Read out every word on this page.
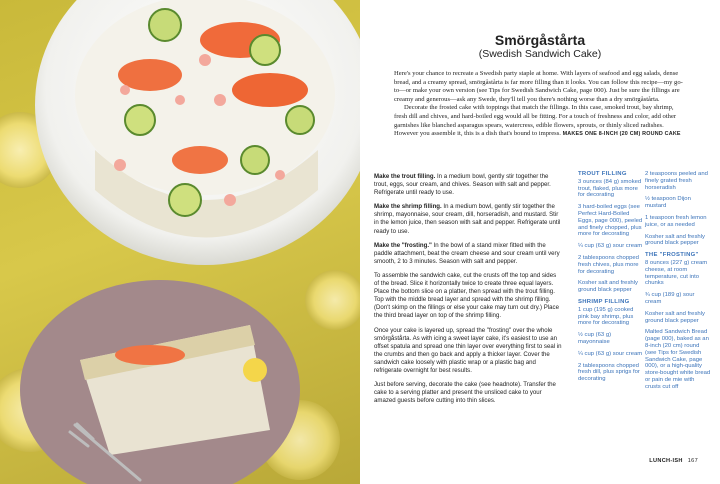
Smörgåstårta
(Swedish Sandwich Cake)

Here's your chance to recreate a Swedish party staple at home. With layers of seafood and egg salads, dense bread, and a creamy spread, smörgåstårta is far more filling than it looks. You can follow this recipe—my go-to—or make your own version (see Tips for Swedish Sandwich Cake, page 000). Just be sure the fillings are creamy and generous—ask any Swede, they'll tell you there's nothing worse than a dry smörgåstårta.

Decorate the frosted cake with toppings that match the fillings. In this case, smoked trout, bay shrimp, fresh dill and chives, and hard-boiled egg would all be fitting. For a touch of freshness and color, add other garnishes like blanched asparagus spears, watercress, edible flowers, sprouts, or thinly sliced radishes. However you assemble it, this is a dish that's bound to impress. MAKES ONE 8-INCH (20 CM) ROUND CAKE

Make the trout filling. In a medium bowl, gently stir together the trout, eggs, sour cream, and chives. Season with salt and pepper. Refrigerate until ready to use.

Make the shrimp filling. In a medium bowl, gently stir together the shrimp, mayonnaise, sour cream, dill, horseradish, and mustard. Stir in the lemon juice, then season with salt and pepper. Refrigerate until ready to use.

Make the "frosting." In the bowl of a stand mixer fitted with the paddle attachment, beat the cream cheese and sour cream until very smooth, 2 to 3 minutes. Season with salt and pepper.

To assemble the sandwich cake, cut the crusts off the top and sides of the bread. Slice it horizontally twice to create three equal layers. Place the bottom slice on a platter, then spread with the trout filling. Top with the middle bread layer and spread with the shrimp filling. (Don't skimp on the fillings or else your cake may turn out dry.) Place the third bread layer on top of the shrimp filling.

Once your cake is layered up, spread the "frosting" over the whole smörgåstårta. As with icing a sweet layer cake, it's easiest to use an offset spatula and spread one thin layer over everything first to seal in the crumbs and then go back and apply a thicker layer. Cover the sandwich cake loosely with plastic wrap or a plastic bag and refrigerate overnight for best results.

Just before serving, decorate the cake (see headnote). Transfer the cake to a serving platter and present the unsliced cake to your amazed guests before cutting into thin slices.

TROUT FILLING
3 ounces (84 g) smoked trout, flaked, plus more for decorating
3 hard-boiled eggs (see Perfect Hard-Boiled Eggs, page 000), peeled and finely chopped, plus more for decorating
¼ cup (63 g) sour cream
2 tablespoons chopped fresh chives, plus more for decorating
Kosher salt and freshly ground black pepper
SHRIMP FILLING
1 cup (195 g) cooked pink bay shrimp, plus more for decorating
½ cup (63 g) mayonnaise
¼ cup (63 g) sour cream
2 tablespoons chopped fresh dill, plus sprigs for decorating
2 teaspoons peeled and finely grated fresh horseradish
½ teaspoon Dijon mustard
1 teaspoon fresh lemon juice, or as needed
Kosher salt and freshly ground black pepper
THE "FROSTING"
8 ounces (227 g) cream cheese, at room temperature, cut into chunks
¾ cup (189 g) sour cream
Kosher salt and freshly ground black pepper
Malted Sandwich Bread (page 000), baked as an 8-inch (20 cm) round (see Tips for Swedish Sandwich Cake, page 000), or a high-quality store-bought white bread or pain de mie with crusts cut off
LUNCH-ISH 167
